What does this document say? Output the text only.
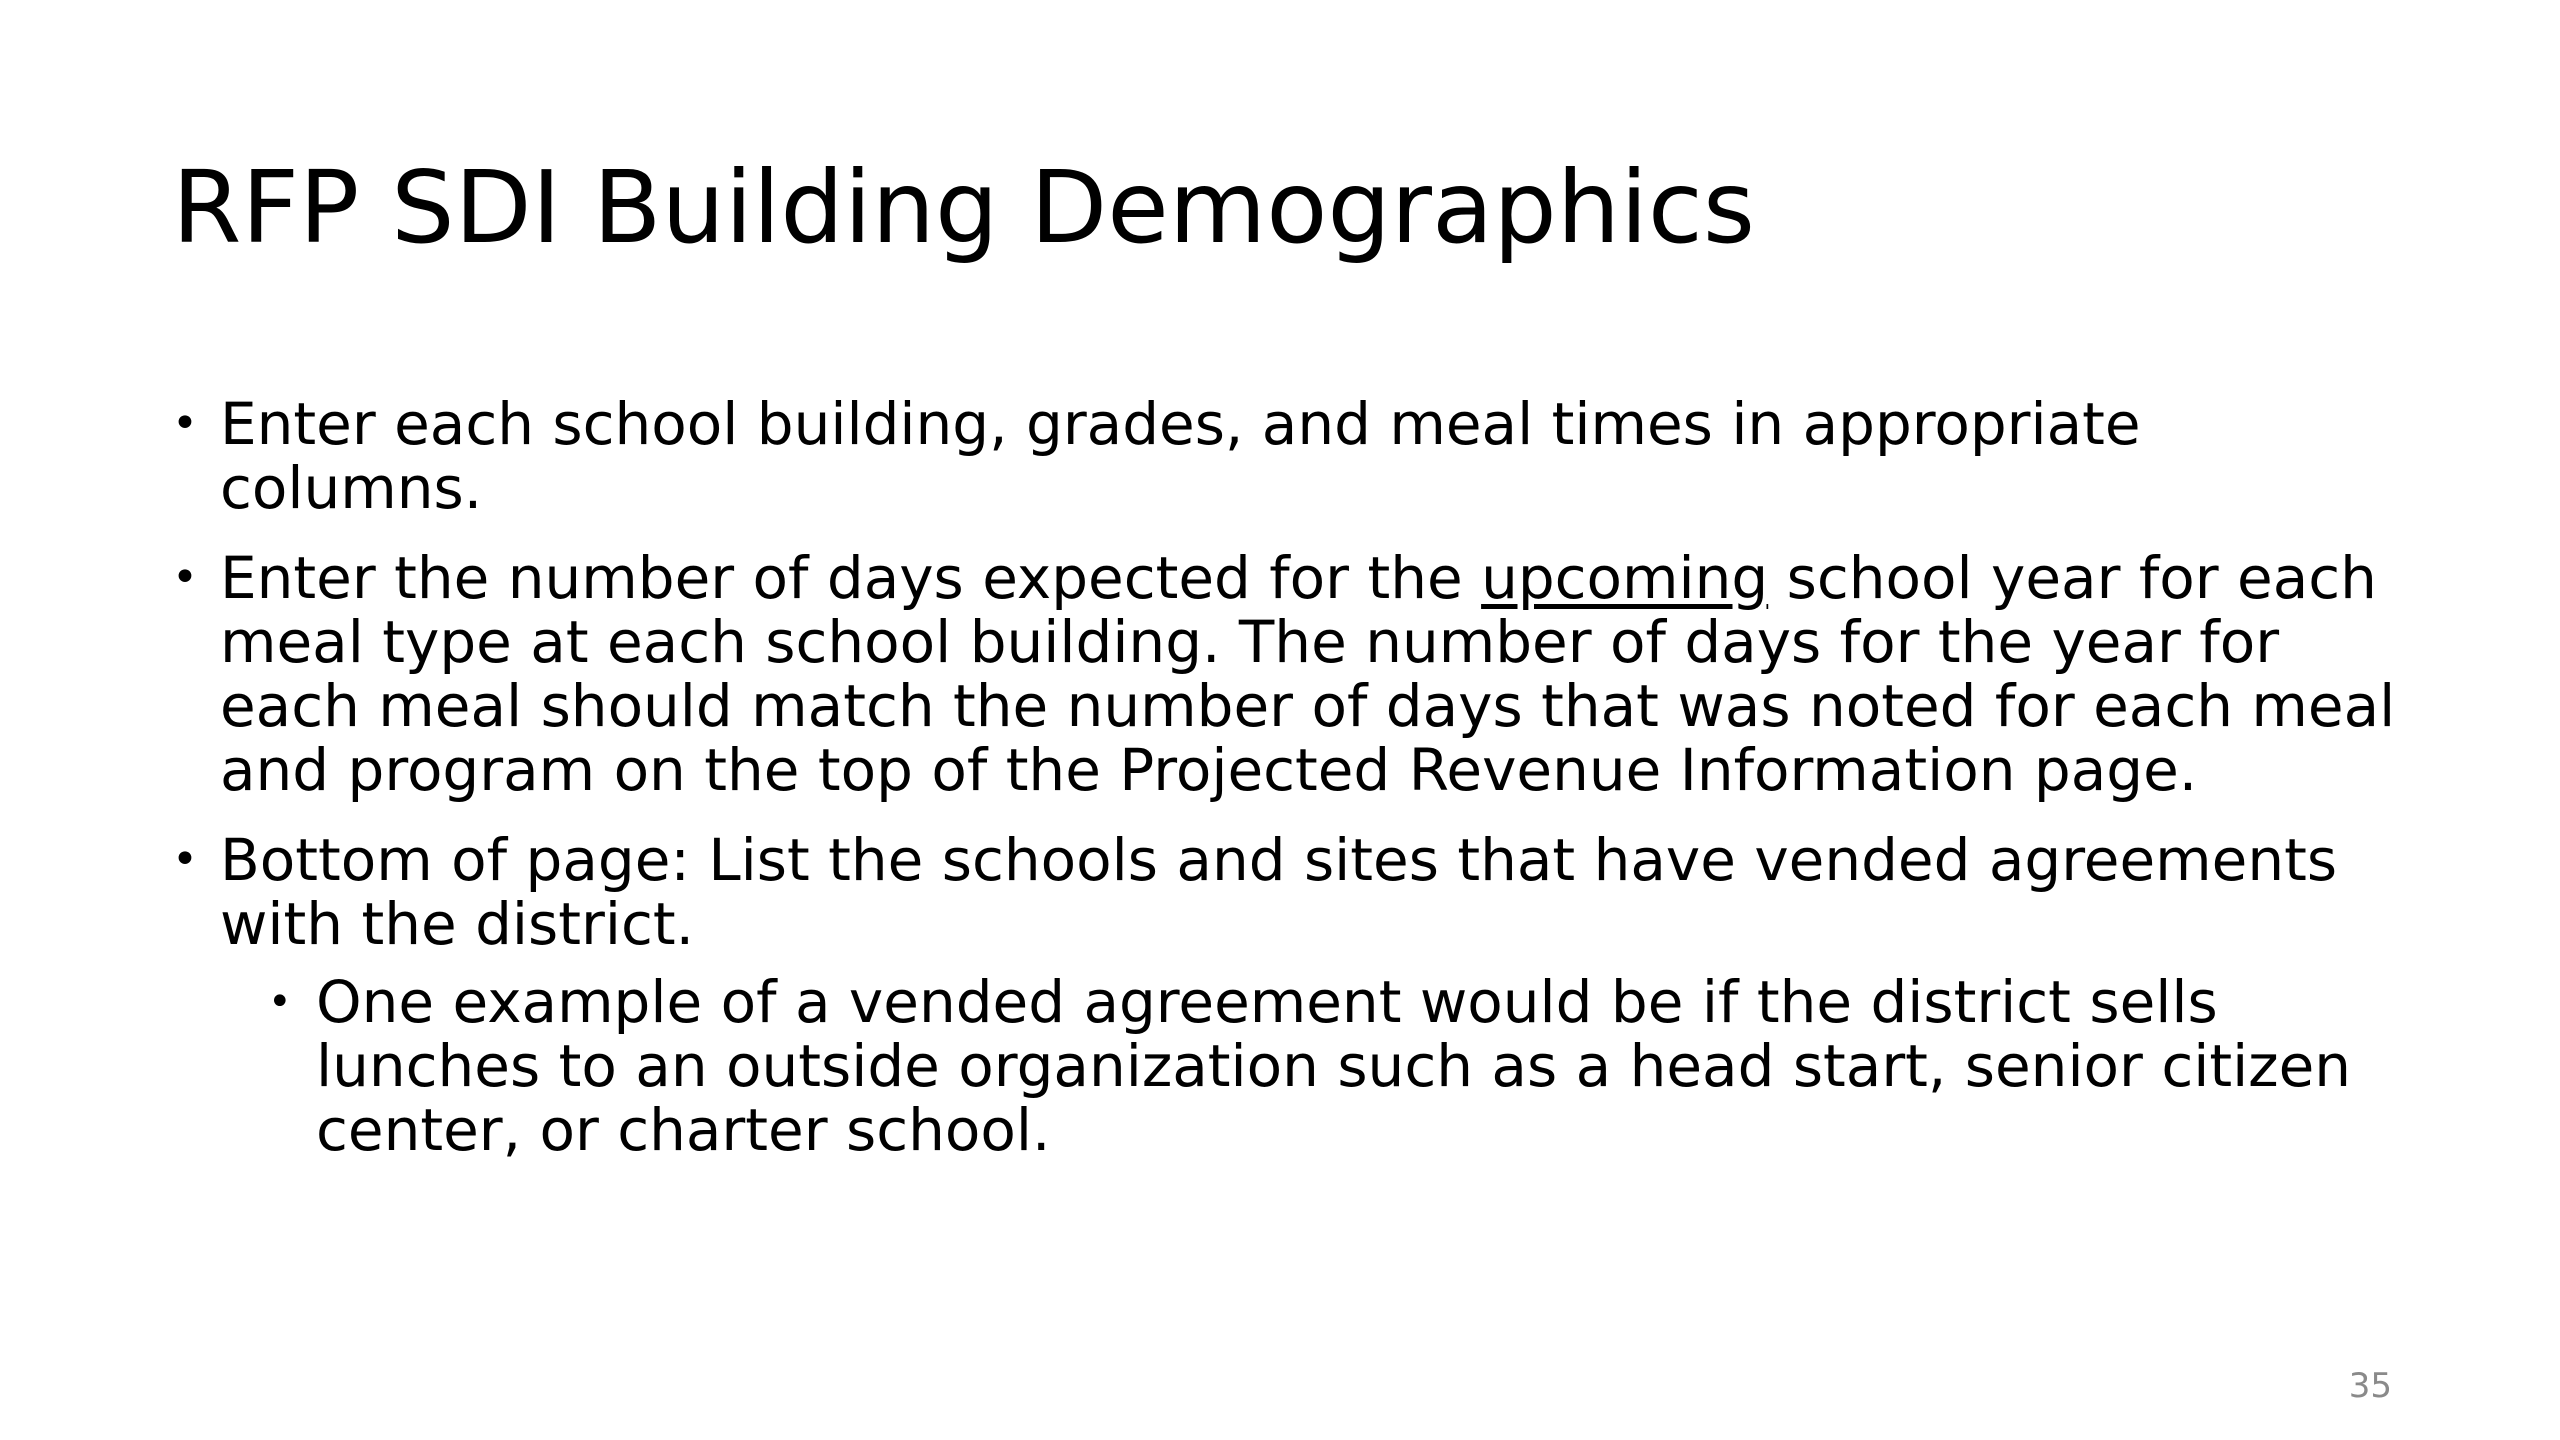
RFP SDI Building Demographics
• Enter each school building, grades, and meal times in appropriate columns.
• Enter the number of days expected for the upcoming school year for each meal type at each school building. The number of days for the year for each meal should match the number of days that was noted for each meal and program on the top of the Projected Revenue Information page.
• Bottom of page: List the schools and sites that have vended agreements with the district.
• One example of a vended agreement would be if the district sells lunches to an outside organization such as a head start, senior citizen center, or charter school.
35
